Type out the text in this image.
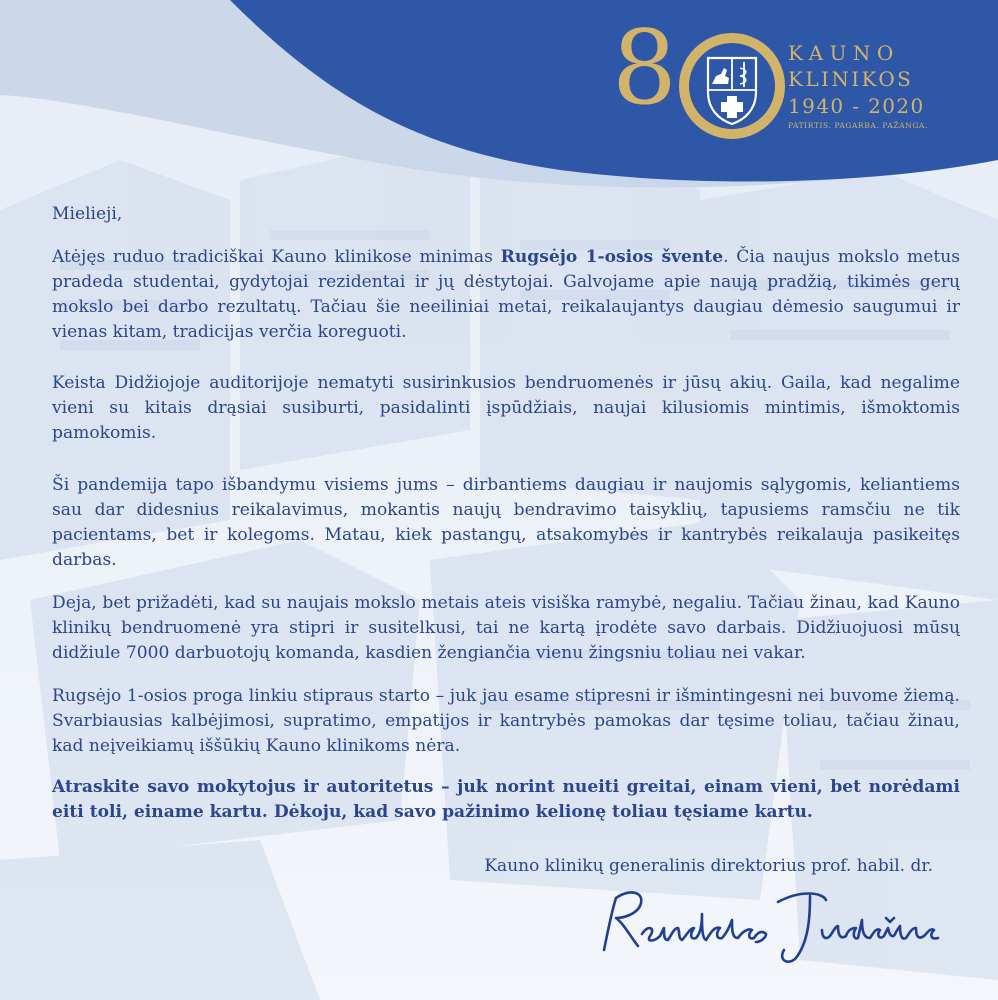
8	KAUNO
KLINIKOS
1940 - 2020
PATIRTIS. PAGARBA. PAŽANGA.

Mielieji,

Atėjęs ruduo tradiciškai Kauno klinikose minimas Rugsėjo 1-osios švente. Čia naujus mokslo metus pradeda studentai, gydytojai rezidentai ir jų dėstytojai. Galvojame apie naują pradžią, tikimės gerų mokslo bei darbo rezultatų. Tačiau šie neeiliniai metai, reikalaujantys daugiau dėmesio saugumui ir vienas kitam, tradicijas verčia koreguoti.

Keista Didžiojoje auditorijoje nematyti susirinkusios bendruomenės ir jūsų akių. Gaila, kad negalime vieni su kitais drąsiai susiburti, pasidalinti įspūdžiais, naujai kilusiomis mintimis, išmoktomis pamokomis.

Ši pandemija tapo išbandymu visiems jums – dirbantiems daugiau ir naujomis sąlygomis, keliantiems sau dar didesnius reikalavimus, mokantis naujų bendravimo taisyklių, tapusiems ramsčiu ne tik pacientams, bet ir kolegoms. Matau, kiek pastangų, atsakomybės ir kantrybės reikalauja pasikeitęs darbas.

Deja, bet prižadėti, kad su naujais mokslo metais ateis visiška ramybė, negaliu. Tačiau žinau, kad Kauno klinikų bendruomenė yra stipri ir susitelkusi, tai ne kartą įrodėte savo darbais. Didžiuojuosi mūsų didžiule 7000 darbuotojų komanda, kasdien žengiančia vienu žingsniu toliau nei vakar.

Rugsėjo 1-osios proga linkiu stipraus starto – juk jau esame stipresni ir išmintingesni nei buvome žiemą. Svarbiausias kalbėjimosi, supratimo, empatijos ir kantrybės pamokas dar tęsime toliau, tačiau žinau, kad neįveikiamų iššūkių Kauno klinikoms nėra.

Atraskite savo mokytojus ir autoritetus – juk norint nueiti greitai, einam vieni, bet norėdami eiti toli, einame kartu. Dėkoju, kad savo pažinimo kelionę toliau tęsiame kartu.

Kauno klinikų generalinis direktorius prof. habil. dr.
